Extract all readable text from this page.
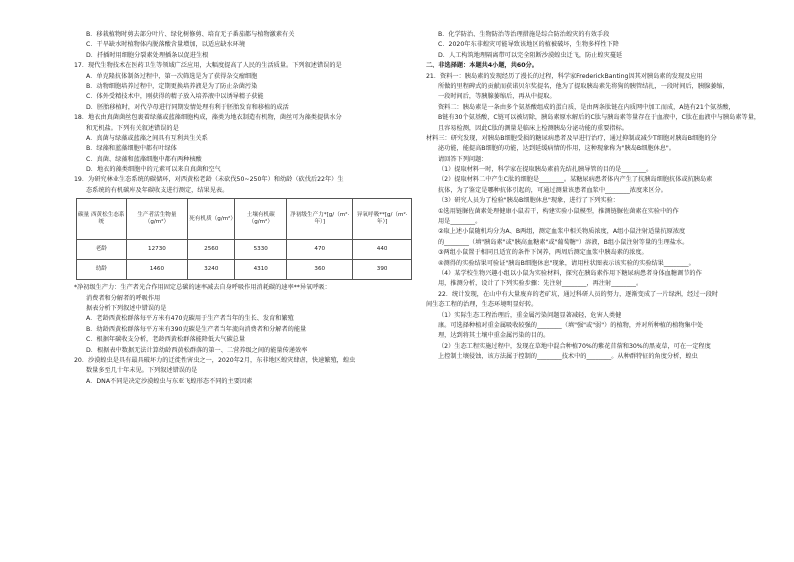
B．移栽植物时剪去部分叶片、绿化树修剪、培育无子番茄都与植物激素有关
C．干旱缺水时植物体内脱落酸含量增加，以适应缺水环境
D．扦插时用细胞分裂素处理插条以促进生根
17．现代生物技术在医药卫生等领域广泛应用，大幅度提高了人民的生活质量。下列叙述错误的是
A．单克隆抗体制备过程中，第一次筛选是为了获得杂交瘤细胞
B．动物细胞培养过程中，定期更换培养液是为了防止杂菌污染
C．体外受精技术中，刚获得的精子放入培养液中以诱导精子获能
D．胚胎移植时，对代孕母进行同期发情处理有利于胚胎发育和移植的成活
18．地衣由真菌菌丝包裹着绿藻或蓝藻细胞构成，藻类为地衣制造有机物，菌丝可为藻类提供水分
和无机盐。下列有关叙述错误的是
A．真菌与绿藻或蓝藻之间具有互利共生关系
B．绿藻和蓝藻细胞中都有叶绿体
C．真菌、绿藻和蓝藻细胞中都有两种核酸
D．地衣的藻类细胞中的元素可以来自真菌和空气
19．为研究林业生态系统的碳储环，对西黄松老龄（未砍伐50~250年）和幼龄（砍伐后22年）生
态系统的有机碳库及年碳收支进行测定，结果见表。
碳量 西黄松生态系统	生产者活生物量（g/m²）	死有机质（g/m²）	土壤有机碳（g/m²）	净初级生产力*[g/（m²·年）]	异氧呼吸**[g/（m²·年）]
老龄	12730	2560	5330	470	440
幼龄	1460	3240	4310	360	390
*净初级生产力：生产者光合作用固定总碳的速率减去自身呼吸作用消耗碳的速率**异氧呼吸：
消费者和分解者的呼吸作用
据表分析下列叙述中错误的是
A．老龄西黄松群落每平方米有470克碳用于生产者当年的生长、发育和繁殖
B．幼龄西黄松群落每平方米有390克碳是生产者当年流向消费者和分解者的能量
C．根据年碳收支分析，老龄西黄松群落能降低大气碳总量
D．根据表中数据无法计算幼龄西黄松群落的第一、二营养级之间的能量传递效率
20．沙漠蝗虫是具有最具破坏力的迁徙性害虫之一，2020年2月，东非地区蝗灾肆虐，快速繁殖，蝗虫
数量多至几十年未见。下列叙述错误的是
A．DNA不同是决定沙漠蝗虫与东亚飞蝗形态不同的主要因素
B．化学防治、生物防治等治理措施是综合防治蝗灾的有效手段
C．2020年东非蝗灾可能导致该地区的植被破坏，生物多样性下降
D．人工构筑地理隔离带可以完全阻断沙漠蝗虫迁飞，防止蝗灾蔓延
二、非选择题：本题共4小题，共60分。
21．资料一：胰岛素的发现经历了漫长的过程，科学家FrederickBanting因其对胰岛素的发现及应用
所做的里程碑式的贡献而获诺贝尔奖提名，他为了提取胰岛素先将狗的胰管结扎，一段时间后，胰腺萎缩，
一段时间后，等胰腺萎缩后，再从中提取。
资料二：胰岛素是一条由多个氨基酸组成的蛋白质，是由两条肽链在内质网中加工而成，A链有21个氨基酸，
B链有30个氨基酸，C链可以被切除，胰岛素原水解后的C肽与胰岛素等量存在于血液中，C肽在血液中与胰岛素等量，
且容易检测，因此C肽的测量是临床上检测胰岛分泌功能的重要指标。
材料三：研究发现，对胰岛B细胞受损的糖尿病患者及早进行治疗，通过抑制或减少T细胞对胰岛B细胞的分
泌功能，能提高B细胞的功能，达到延缓病情的作用，这种现象称为"胰岛B细胞休息"。
请回答下列问题：
（1）提取材料一时，科学家在提取胰岛素前先结扎胰导管的目的是________。
（2）提取材料二中产生C肽的细胞是________。某糖尿病患者体内产生了抗胰岛细胞抗体或抗胰岛素
抗体，为了鉴定是哪种抗体引起的，可通过测量该患者血浆中________浓度来区分。
（3）研究人员为了检验"胰岛B细胞休息"现象，进行了下列实验：
①选用链脲佐菌素处理健康小鼠若干，构建实验小鼠模型，推测链脲佐菌素在实验中的作
用是________。
②取上述小鼠随机均分为A、B两组，测定血浆中相关物质浓度，A组小鼠注射适量抗原浓度
的________（填"胰岛素"或"胰高血糖素"或"葡萄糖"）溶液，B组小鼠注射等量的生理盐水。
③两组小鼠置于相同且适宜的条件下饲养，两周后测定血浆中胰岛素的浓度。
④测得的实验结果可验证"胰岛B细胞休息"现象，请用柱状图表示该实验的实验结果________。
（4）某学校生物兴趣小组以小鼠为实验材料，探究在胰岛素作用下糖尿病患者身体血糖调节的作
用，推测分析，设计了下列实验步骤：先注射________，再注射________。
22．统计发现，在山中有大量废弃的老矿坑，通过科研人员的努力，逐渐变成了一片绿洲，经过一段时
间生态工程的治理，生态环境明显好转。
（1）实际生态工程治理后，重金属污染问题显著减轻，危害人类健
康。可选择种植对重金属吸收较强的________（填"强"或"弱"）的植物，并对所种植的植物集中处
理，达到将其土壤中重金属污染的目的。
（2）生态工程实施过程中，发现在草地中混合种植70%的紫花苜蓿和30%的黑麦草，可在一定程度
上控制土壤侵蚀，该方法属于控制的________技术中的________。从种群特征的角度分析，蝗虫
